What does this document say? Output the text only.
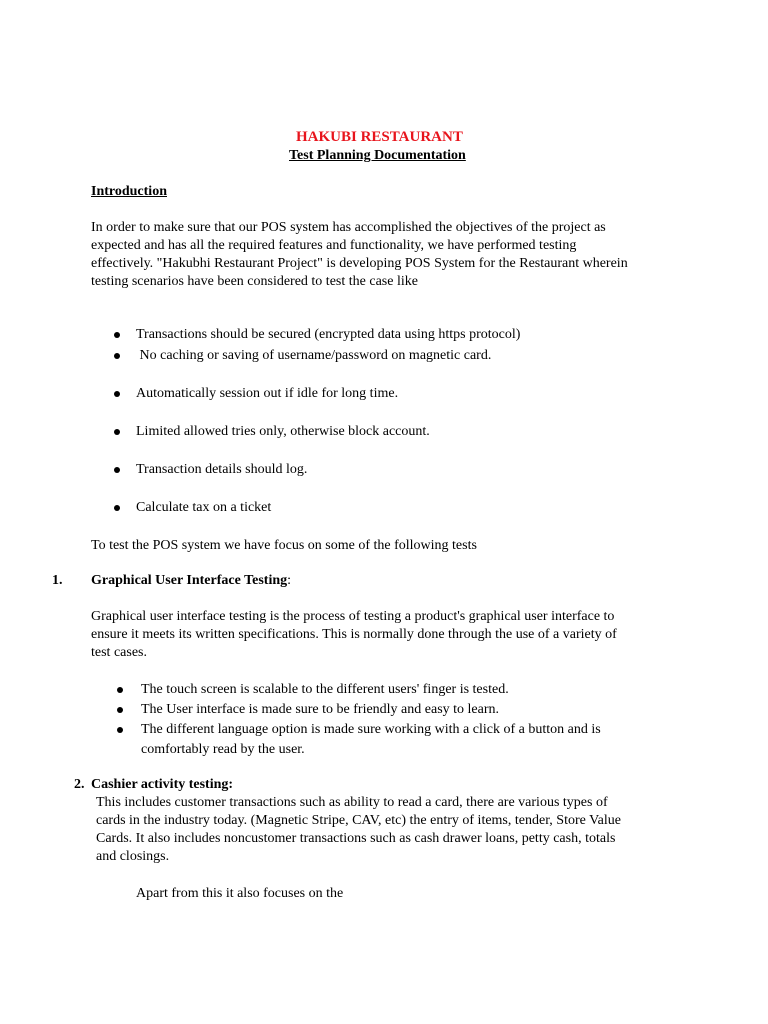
HAKUBI RESTAURANT
Test Planning Documentation
Introduction
In order to make sure that our POS system has accomplished the objectives of the project as
expected and has all the required features and functionality, we have performed testing
effectively. "Hakubhi Restaurant Project" is developing POS System for the Restaurant wherein
testing scenarios have been considered to test the case like
Transactions should be secured (encrypted data using https protocol)
No caching or saving of username/password on magnetic card.
Automatically session out if idle for long time.
Limited allowed tries only, otherwise block account.
Transaction details should log.
Calculate tax on a ticket
To test the POS system we have focus on some of the following tests
1. Graphical User Interface Testing:
Graphical user interface testing is the process of testing a product's graphical user interface to
ensure it meets its written specifications. This is normally done through the use of a variety of
test cases.
The touch screen is scalable to the different users' finger is tested.
The User interface is made sure to be friendly and easy to learn.
The different language option is made sure working with a click of a button and is
comfortably read by the user.
2. Cashier activity testing:
This includes customer transactions such as ability to read a card, there are various types of
cards in the industry today. (Magnetic Stripe, CAV, etc) the entry of items, tender, Store Value
Cards. It also includes noncustomer transactions such as cash drawer loans, petty cash, totals
and closings.
Apart from this it also focuses on the
